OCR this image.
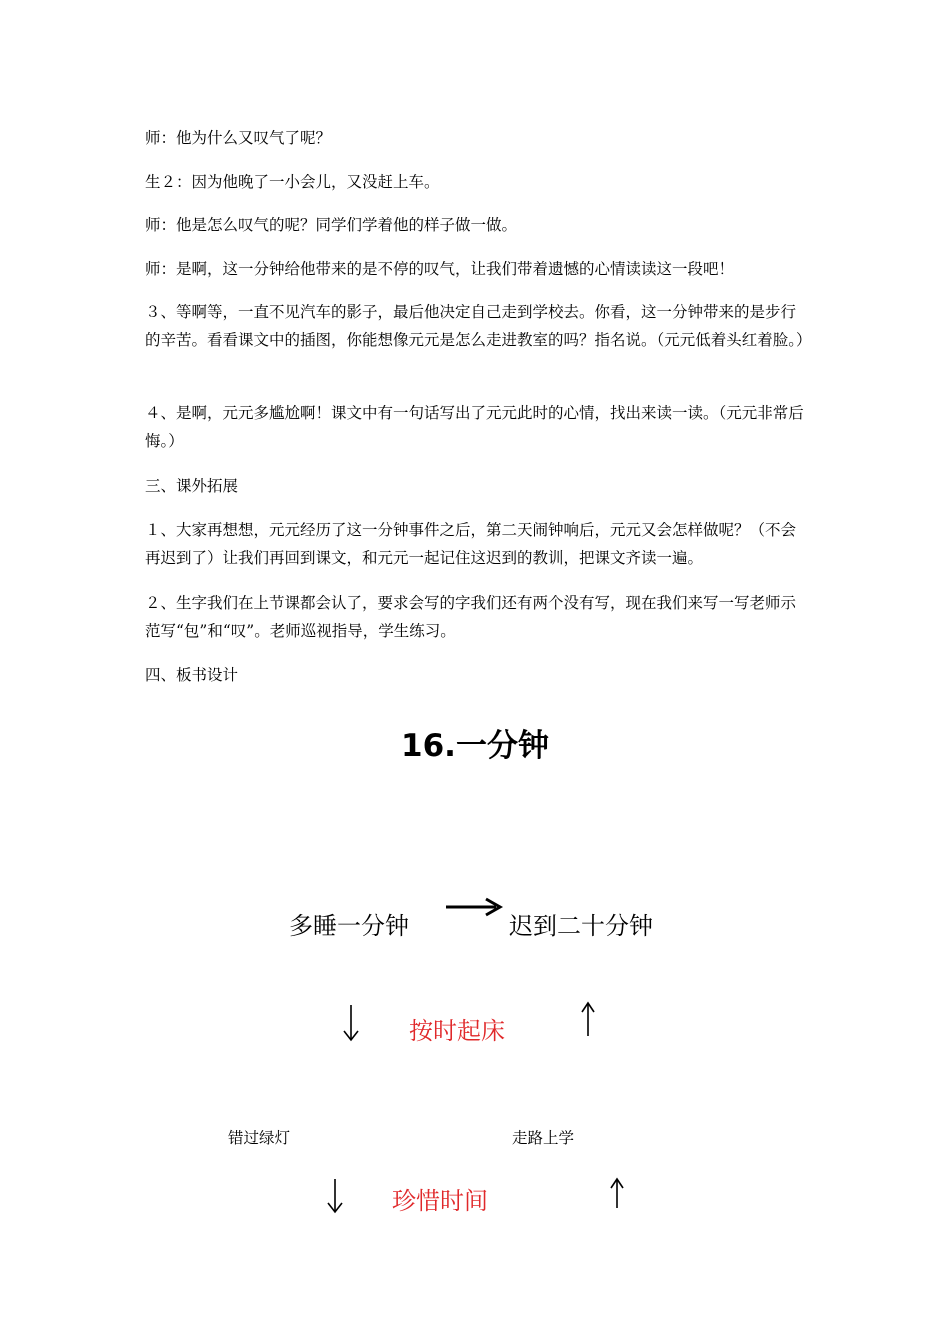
师：他为什么又叹气了呢？

生２：因为他晚了一小会儿，又没赶上车。

师：他是怎么叹气的呢？同学们学着他的样子做一做。

师：是啊，这一分钟给他带来的是不停的叹气，让我们带着遗憾的心情读读这一段吧！

３、等啊等，一直不见汽车的影子，最后他决定自己走到学校去。你看，这一分钟带来的是步行的辛苦。看看课文中的插图，你能想像元元是怎么走进教室的吗？指名说。（元元低着头红着脸。）

４、是啊，元元多尴尬啊！课文中有一句话写出了元元此时的心情，找出来读一读。（元元非常后悔。）

三、课外拓展

１、大家再想想，元元经历了这一分钟事件之后，第二天闹钟响后，元元又会怎样做呢？（不会再迟到了）让我们再回到课文，和元元一起记住这迟到的教训，把课文齐读一遍。

２、生字我们在上节课都会认了，要求会写的字我们还有两个没有写，现在我们来写一写老师示范写“包”和“叹”。老师巡视指导，学生练习。

四、板书设计

16.一分钟
多睡一分钟	迟到二十分钟
按时起床
错过绿灯	走路上学
珍惜时间
